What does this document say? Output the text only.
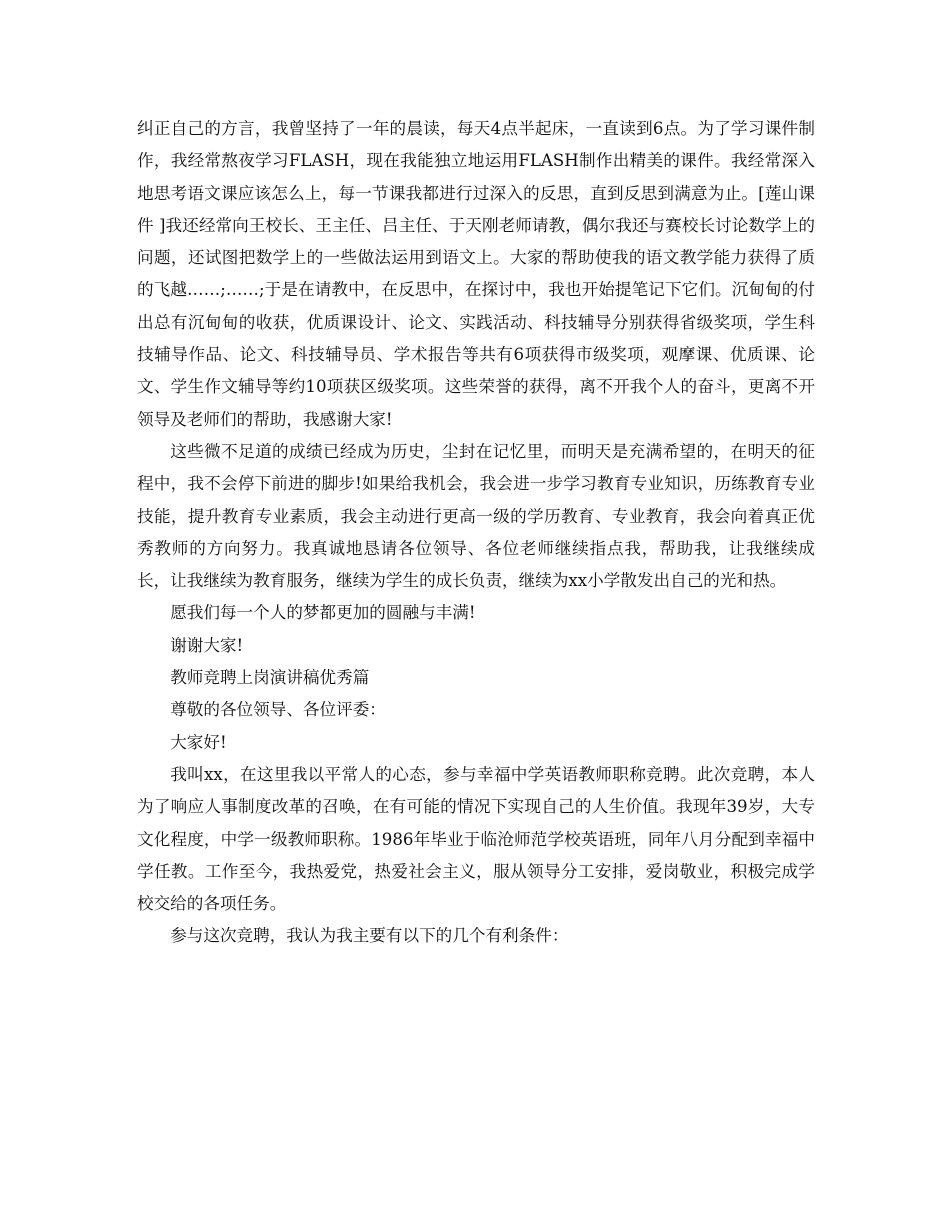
纠正自己的方言，我曾坚持了一年的晨读，每天4点半起床，一直读到6点。为了学习课件制作，我经常熬夜学习FLASH，现在我能独立地运用FLASH制作出精美的课件。我经常深入地思考语文课应该怎么上，每一节课我都进行过深入的反思，直到反思到满意为止。[莲山课件 ]我还经常向王校长、王主任、吕主任、于天刚老师请教，偶尔我还与赛校长讨论数学上的问题，还试图把数学上的一些做法运用到语文上。大家的帮助使我的语文教学能力获得了质的飞越……;……;于是在请教中，在反思中，在探讨中，我也开始提笔记下它们。沉甸甸的付出总有沉甸甸的收获，优质课设计、论文、实践活动、科技辅导分别获得省级奖项，学生科技辅导作品、论文、科技辅导员、学术报告等共有6项获得市级奖项，观摩课、优质课、论文、学生作文辅导等约10项获区级奖项。这些荣誉的获得，离不开我个人的奋斗，更离不开领导及老师们的帮助，我感谢大家!

这些微不足道的成绩已经成为历史，尘封在记忆里，而明天是充满希望的，在明天的征程中，我不会停下前进的脚步!如果给我机会，我会进一步学习教育专业知识，历练教育专业技能，提升教育专业素质，我会主动进行更高一级的学历教育、专业教育，我会向着真正优秀教师的方向努力。我真诚地恳请各位领导、各位老师继续指点我，帮助我，让我继续成长，让我继续为教育服务，继续为学生的成长负责，继续为xx小学散发出自己的光和热。

愿我们每一个人的梦都更加的圆融与丰满!

谢谢大家!

教师竞聘上岗演讲稿优秀篇

尊敬的各位领导、各位评委：

大家好!

我叫xx，在这里我以平常人的心态，参与幸福中学英语教师职称竞聘。此次竞聘，本人为了响应人事制度改革的召唤，在有可能的情况下实现自己的人生价值。我现年39岁，大专文化程度，中学一级教师职称。1986年毕业于临沧师范学校英语班，同年八月分配到幸福中学任教。工作至今，我热爱党，热爱社会主义，服从领导分工安排，爱岗敬业，积极完成学校交给的各项任务。

参与这次竞聘，我认为我主要有以下的几个有利条件：
